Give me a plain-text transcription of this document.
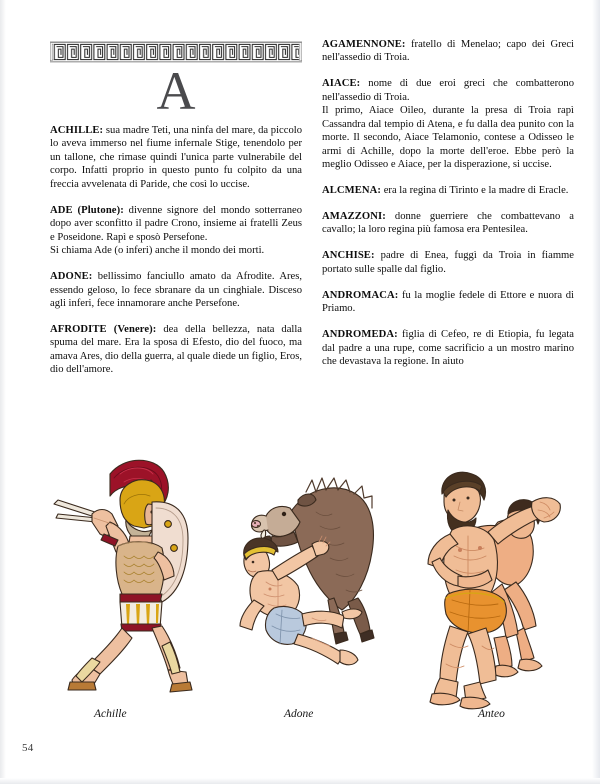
A

ACHILLE: sua madre Teti, una ninfa del mare, da piccolo lo aveva immerso nel fiume infernale Stige, tenendolo per un tallone, che rimase quindi l'unica parte vulnerabile del corpo. Infatti proprio in questo punto fu colpito da una freccia avvelenata di Paride, che così lo uccise.

ADE (Plutone): divenne signore del mondo sotterraneo dopo aver sconfitto il padre Crono, insieme ai fratelli Zeus e Poseidone. Rapì e sposò Persefone.

Si chiama Ade (o inferi) anche il mondo dei morti.

ADONE: bellissimo fanciullo amato da Afrodite. Ares, essendo geloso, lo fece sbranare da un cinghiale. Disceso agli inferi, fece innamorare anche Persefone.

AFRODITE (Venere): dea della bellezza, nata dalla spuma del mare. Era la sposa di Efesto, dio del fuoco, ma amava Ares, dio della guerra, al quale diede un figlio, Eros, dio dell'amore.

AGAMENNONE: fratello di Menelao; capo dei Greci nell'assedio di Troia.

AIACE: nome di due eroi greci che combatterono nell'assedio di Troia.

Il primo, Aiace Oileo, durante la presa di Troia rapì Cassandra dal tempio di Atena, e fu dalla dea punito con la morte. Il secondo, Aiace Telamonio, contese a Odisseo le armi di Achille, dopo la morte dell'eroe. Ebbe però la meglio Odisseo e Aiace, per la disperazione, si uccise.

ALCMENA: era la regina di Tirinto e la madre di Eracle.

AMAZZONI: donne guerriere che combattevano a cavallo; la loro regina più famosa era Pentesilea.

ANCHISE: padre di Enea, fuggì da Troia in fiamme portato sulle spalle dal figlio.

ANDROMACA: fu la moglie fedele di Ettore e nuora di Priamo.

ANDROMEDA: figlia di Cefeo, re di Etiopia, fu legata dal padre a una rupe, come sacrificio a un mostro marino che devastava la regione. In aiuto

Achille	Adone	Anteo
54
